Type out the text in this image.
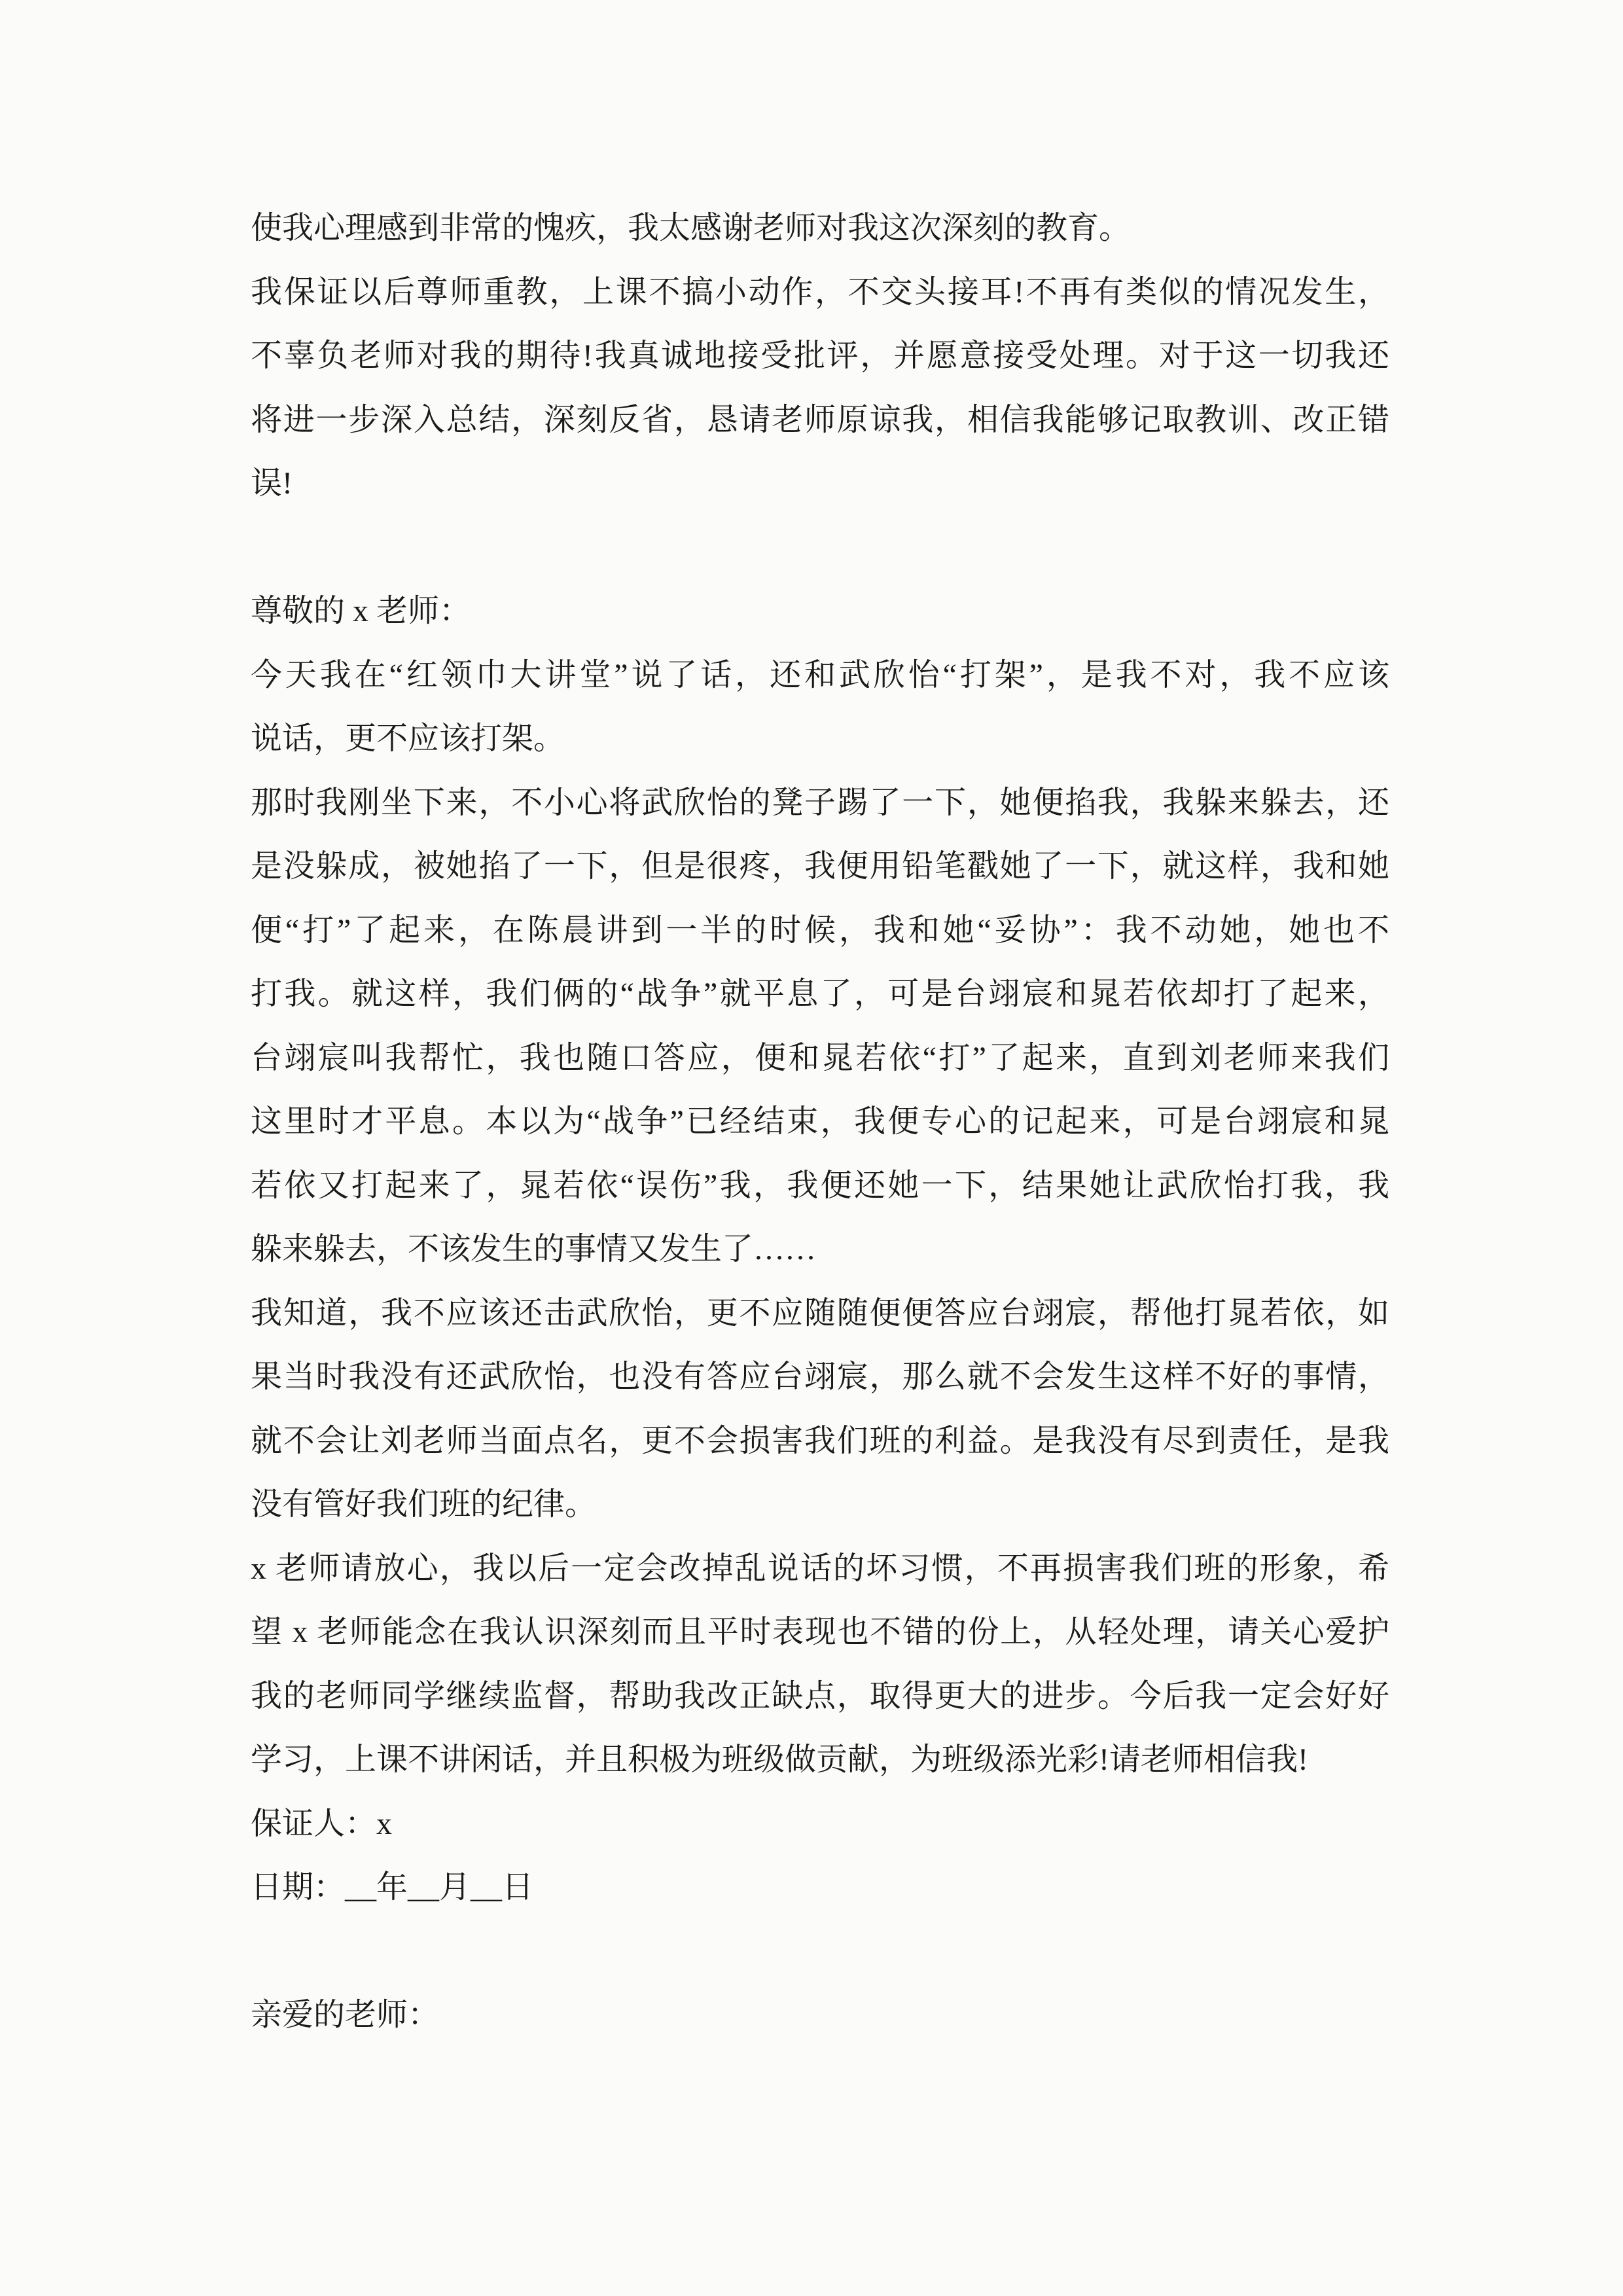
使我心理感到非常的愧疚，我太感谢老师对我这次深刻的教育。
我保证以后尊师重教，上课不搞小动作，不交头接耳!不再有类似的情况发生，
不辜负老师对我的期待!我真诚地接受批评，并愿意接受处理。对于这一切我还
将进一步深入总结，深刻反省，恳请老师原谅我，相信我能够记取教训、改正错
误!
尊敬的 x 老师：
今天我在“红领巾大讲堂”说了话，还和武欣怡“打架”，是我不对，我不应该
说话，更不应该打架。
那时我刚坐下来，不小心将武欣怡的凳子踢了一下，她便掐我，我躲来躲去，还
是没躲成，被她掐了一下，但是很疼，我便用铅笔戳她了一下，就这样，我和她
便“打”了起来，在陈晨讲到一半的时候，我和她“妥协”：我不动她，她也不
打我。就这样，我们俩的“战争”就平息了，可是台翊宸和晁若依却打了起来，
台翊宸叫我帮忙，我也随口答应，便和晁若依“打”了起来，直到刘老师来我们
这里时才平息。本以为“战争”已经结束，我便专心的记起来，可是台翊宸和晁
若依又打起来了，晁若依“误伤”我，我便还她一下，结果她让武欣怡打我，我
躲来躲去，不该发生的事情又发生了……
我知道，我不应该还击武欣怡，更不应随随便便答应台翊宸，帮他打晁若依，如
果当时我没有还武欣怡，也没有答应台翊宸，那么就不会发生这样不好的事情，
就不会让刘老师当面点名，更不会损害我们班的利益。是我没有尽到责任，是我
没有管好我们班的纪律。
x 老师请放心，我以后一定会改掉乱说话的坏习惯，不再损害我们班的形象，希
望 x 老师能念在我认识深刻而且平时表现也不错的份上，从轻处理，请关心爱护
我的老师同学继续监督，帮助我改正缺点，取得更大的进步。今后我一定会好好
学习，上课不讲闲话，并且积极为班级做贡献，为班级添光彩!请老师相信我!
保证人：x
日期：__年__月__日
亲爱的老师：
